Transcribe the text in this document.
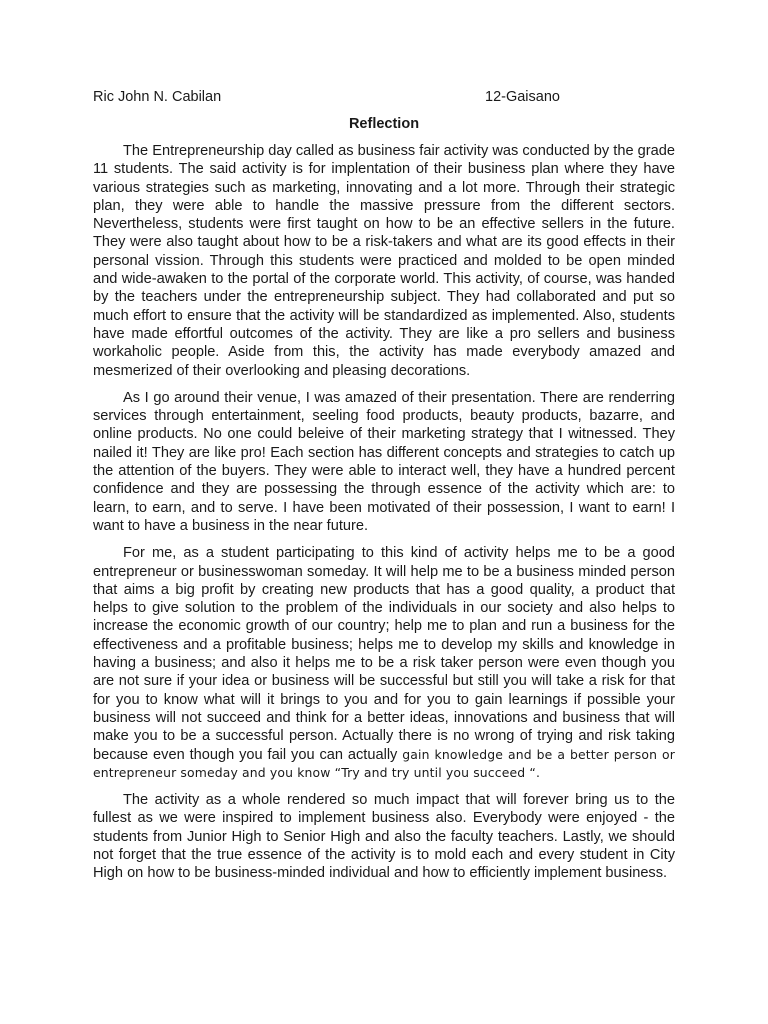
Ric John N. Cabilan	12-Gaisano
Reflection

The Entrepreneurship day called as business fair activity was conducted by the grade 11 students. The said activity is for implentation of their business plan where they have various strategies such as marketing, innovating and a lot more. Through their strategic plan, they were able to handle the massive pressure from the different sectors. Nevertheless, students were first taught on how to be an effective sellers in the future. They were also taught about how to be a risk-takers and what are its good effects in their personal vission. Through this students were practiced and molded to be open minded and wide-awaken to the portal of the corporate world. This activity, of course, was handed by the teachers under the entrepreneurship subject. They had collaborated and put so much effort to ensure that the activity will be standardized as implemented. Also, students have made effortful outcomes of the activity. They are like a pro sellers and business workaholic people. Aside from this, the activity has made everybody amazed and mesmerized of their overlooking and pleasing decorations.

As I go around their venue, I was amazed of their presentation. There are renderring services through entertainment, seeling food products, beauty products, bazarre, and online products. No one could beleive of their marketing strategy that I witnessed. They nailed it! They are like pro! Each section has different concepts and strategies to catch up the attention of the buyers. They were able to interact well, they have a hundred percent confidence and they are possessing the through essence of the activity which are: to learn, to earn, and to serve. I have been motivated of their possession, I want to earn! I want to have a business in the near future.

For me, as a student participating to this kind of activity helps me to be a good entrepreneur or businesswoman someday. It will help me to be a business minded person that aims a big profit by creating new products that has a good quality, a product that helps to give solution to the problem of the individuals in our society and also helps to increase the economic growth of our country; help me to plan and run a business for the effectiveness and a profitable business; helps me to develop my skills and knowledge in having a business; and also it helps me to be a risk taker person were even though you are not sure if your idea or business will be successful but still you will take a risk for that for you to know what will it brings to you and for you to gain learnings if possible your business will not succeed and think for a better ideas, innovations and business that will make you to be a successful person. Actually there is no wrong of trying and risk taking because even though you fail you can actually gain knowledge and be a better person or entrepreneur someday and you know “Try and try until you succeed “.

The activity as a whole rendered so much impact that will forever bring us to the fullest as we were inspired to implement business also. Everybody were enjoyed - the students from Junior High to Senior High and also the faculty teachers. Lastly, we should not forget that the true essence of the activity is to mold each and every student in City High on how to be business-minded individual and how to efficiently implement business.
